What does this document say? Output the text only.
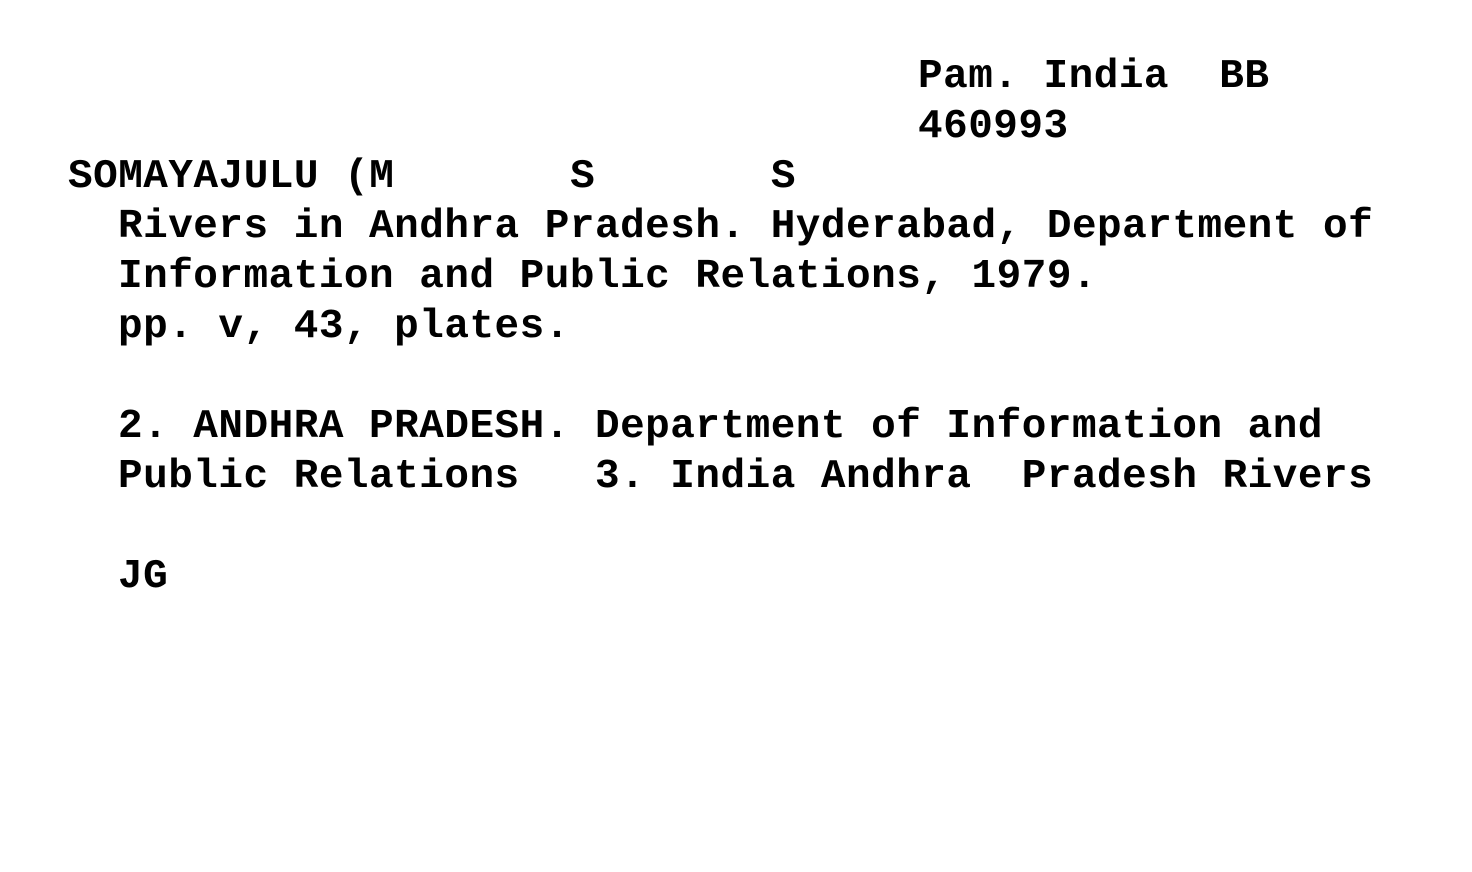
Pam. India  BB
460993
SOMAYAJULU (M       S       S
Rivers in Andhra Pradesh. Hyderabad, Department of
Information and Public Relations, 1979.
pp. v, 43, plates.
2. ANDHRA PRADESH. Department of Information and
Public Relations   3. India Andhra  Pradesh Rivers
JG
